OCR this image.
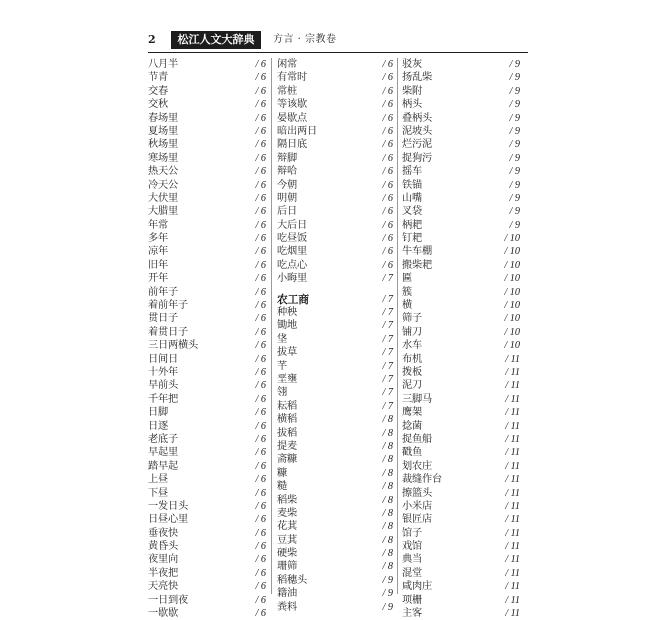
2	松江人文大辞典	方言 · 宗教卷
八月半	/ 6
节青	/ 6
交春	/ 6
交秋	/ 6
春场里	/ 6
夏场里	/ 6
秋场里	/ 6
寒场里	/ 6
热天公	/ 6
冷天公	/ 6
大伏里	/ 6
大腊里	/ 6
年常	/ 6
多年	/ 6
凉年	/ 6
旧年	/ 6
开年	/ 6
前年子	/ 6
着前年子	/ 6
贯日子	/ 6
着贯日子	/ 6
三日两横头	/ 6
日间日	/ 6
十外年	/ 6
早前头	/ 6
千年把	/ 6
日脚	/ 6
日逐	/ 6
老底子	/ 6
早起里	/ 6
踏早起	/ 6
上昼	/ 6
下昼	/ 6
一发日头	/ 6
日昼心里	/ 6
垂夜快	/ 6
黄昏头	/ 6
夜里向	/ 6
半夜把	/ 6
天亮快	/ 6
一日到夜	/ 6
一歇歇	/ 6
闲常	/ 6
有常时	/ 6
常桩	/ 6
等该歇	/ 6
晏歇点	/ 6
暗出两日	/ 6
隔日底	/ 6
辩脚	/ 6
辩哈	/ 6
今朝	/ 6
明朝	/ 6
后日	/ 6
大后日	/ 6
吃昼饭	/ 6
吃烟里	/ 6
吃点心	/ 6
小晦里	/ 7
农工商	/ 7
种秧	/ 7
锄地	/ 7
垡	/ 7
拔草	/ 7
芊	/ 7
垩壅	/ 7
翎	/ 7
耘稻	/ 7
横稻	/ 8
拔稻	/ 8
提麦	/ 8
斋糠	/ 8
糠	/ 8
糙	/ 8
稻柴	/ 8
麦柴	/ 8
花萁	/ 8
豆萁	/ 8
硬柴	/ 8
珊筛	/ 8
稻穗头	/ 9
籍油	/ 9
粪料	/ 9
驳灰	/ 9
扬乱柴	/ 9
柴附	/ 9
柄头	/ 9
叠柄头	/ 9
泥坡头	/ 9
烂污泥	/ 9
捉狗污	/ 9
摇车	/ 9
铁锚	/ 9
山嘴	/ 9
叉袋	/ 9
柄耙	/ 9
钉耙	/ 10
牛车棚	/ 10
搬柴耙	/ 10
匾	/ 10
簇	/ 10
横	/ 10
筛子	/ 10
铺刀	/ 10
水车	/ 10
布机	/ 11
拨板	/ 11
泥刀	/ 11
三脚马	/ 11
鹰架	/ 11
捻菌	/ 11
捉鱼船	/ 11
戳鱼	/ 11
划农庄	/ 11
裁缝作台	/ 11
擦篮头	/ 11
小米店	/ 11
银匠店	/ 11
馆子	/ 11
戏馆	/ 11
典当	/ 11
混堂	/ 11
咸肉庄	/ 11
项栅	/ 11
主客	/ 11
